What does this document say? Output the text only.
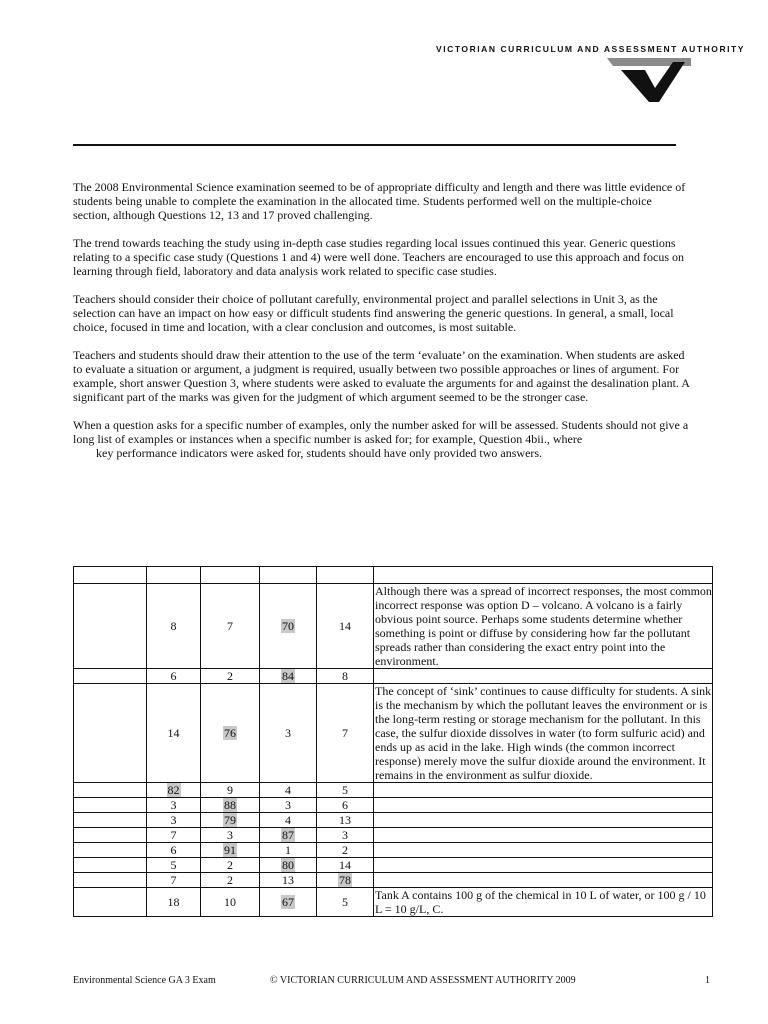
VICTORIAN CURRICULUM AND ASSESSMENT AUTHORITY

The 2008 Environmental Science examination seemed to be of appropriate difficulty and length and there was little evidence of students being unable to complete the examination in the allocated time. Students performed well on the multiple-choice section, although Questions 12, 13 and 17 proved challenging.

The trend towards teaching the study using in-depth case studies regarding local issues continued this year. Generic questions relating to a specific case study (Questions 1 and 4) were well done. Teachers are encouraged to use this approach and focus on learning through field, laboratory and data analysis work related to specific case studies.

Teachers should consider their choice of pollutant carefully, environmental project and parallel selections in Unit 3, as the selection can have an impact on how easy or difficult students find answering the generic questions. In general, a small, local choice, focused in time and location, with a clear conclusion and outcomes, is most suitable.

Teachers and students should draw their attention to the use of the term ‘evaluate’ on the examination. When students are asked to evaluate a situation or argument, a judgment is required, usually between two possible approaches or lines of argument. For example, short answer Question 3, where students were asked to evaluate the arguments for and against the desalination plant. A significant part of the marks was given for the judgment of which argument seemed to be the stronger case.

When a question asks for a specific number of examples, only the number asked for will be assessed. Students should not give a long list of examples or instances when a specific number is asked for; for example, Question 4bii., where
key performance indicators were asked for, students should have only provided two answers.

	8	7	70	14	Although there was a spread of incorrect responses, the most common incorrect response was option D – volcano. A volcano is a fairly obvious point source. Perhaps some students determine whether something is point or diffuse by considering how far the pollutant spreads rather than considering the exact entry point into the environment.
	6	2	84	8	
	14	76	3	7	The concept of ‘sink’ continues to cause difficulty for students. A sink is the mechanism by which the pollutant leaves the environment or is the long-term resting or storage mechanism for the pollutant. In this case, the sulfur dioxide dissolves in water (to form sulfuric acid) and ends up as acid in the lake. High winds (the common incorrect response) merely move the sulfur dioxide around the environment. It remains in the environment as sulfur dioxide.
	82	9	4	5	
	3	88	3	6	
	3	79	4	13	
	7	3	87	3	
	6	91	1	2	
	5	2	80	14	
	7	2	13	78	
	18	10	67	5	Tank A contains 100 g of the chemical in 10 L of water, or 100 g / 10 L = 10 g/L, C.
Environmental Science GA 3 Exam	© VICTORIAN CURRICULUM AND ASSESSMENT AUTHORITY 2009	1
